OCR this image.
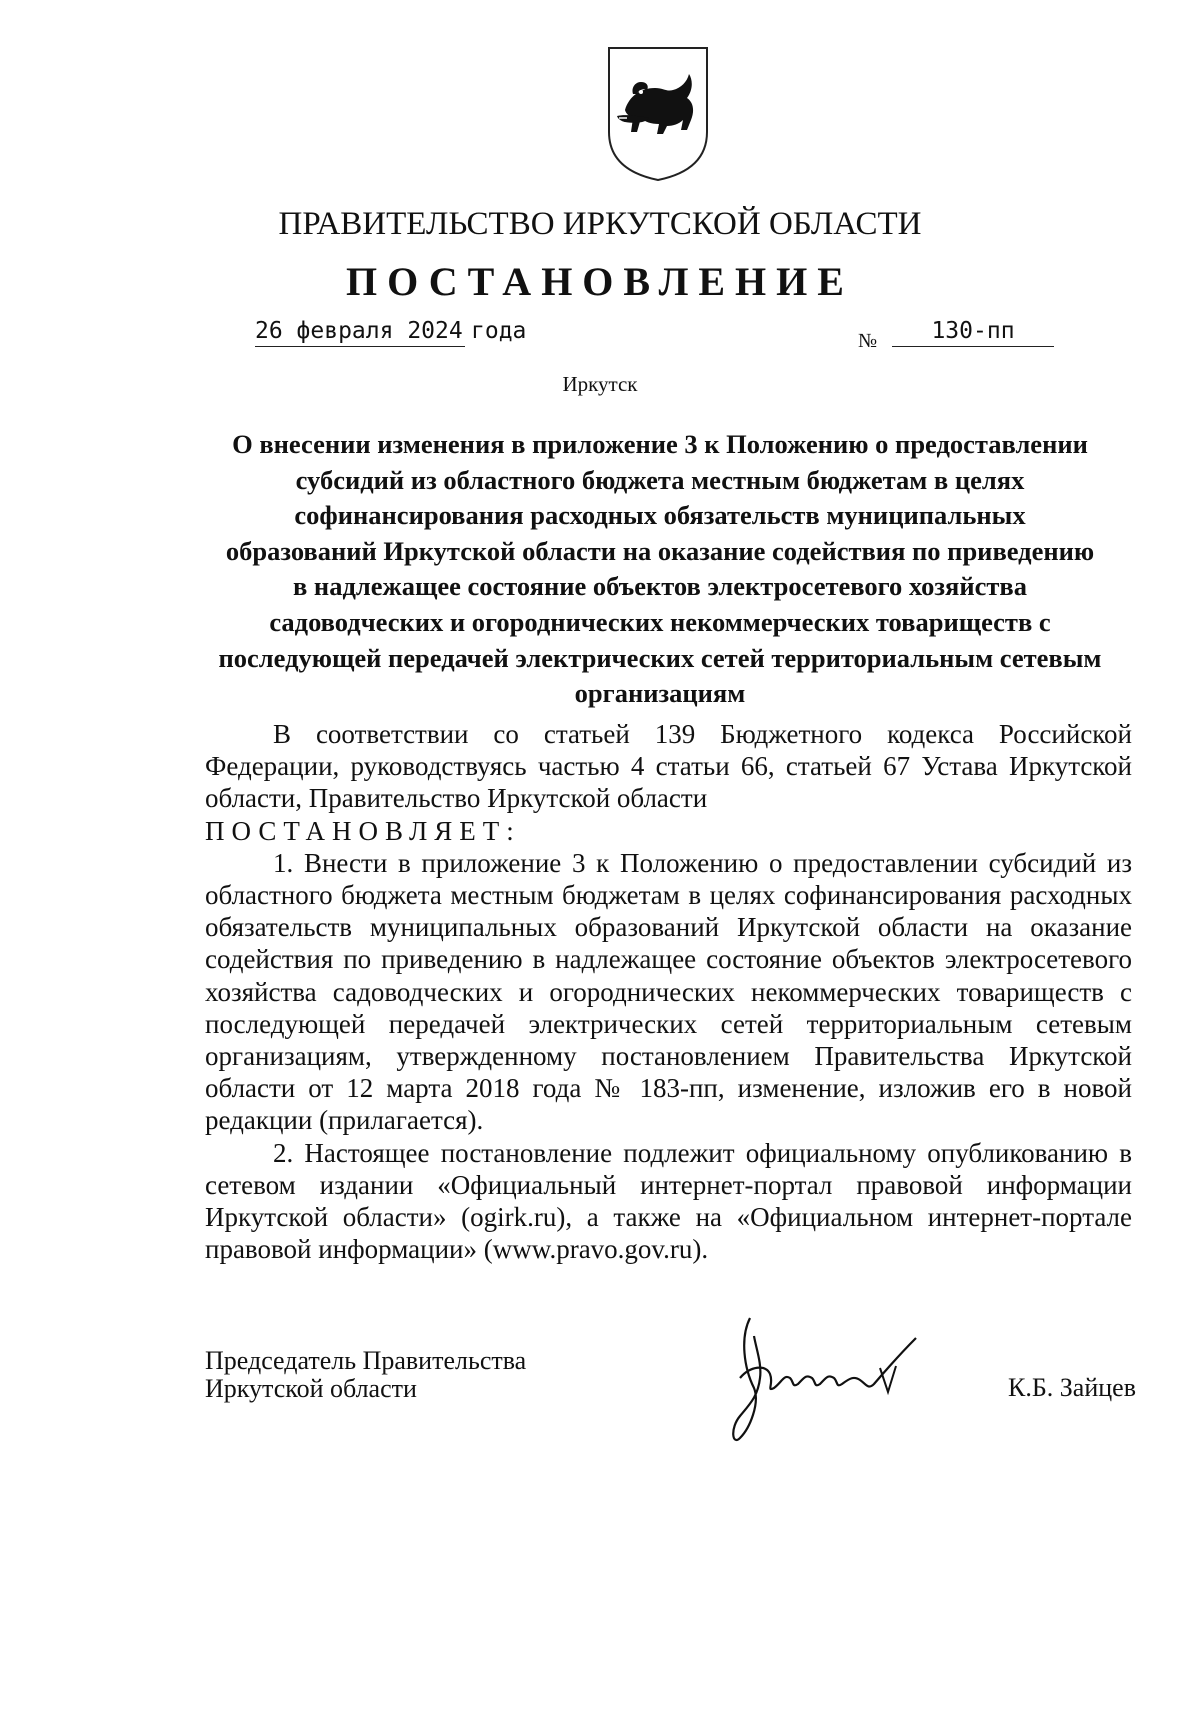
ПРАВИТЕЛЬСТВО ИРКУТСКОЙ ОБЛАСТИ
ПОСТАНОВЛЕНИЕ
26 февраля 2024 года	№	130-пп
Иркутск
О внесении изменения в приложение 3 к Положению о предоставлении
субсидий из областного бюджета местным бюджетам в целях
софинансирования расходных обязательств муниципальных
образований Иркутской области на оказание содействия по приведению
в надлежащее состояние объектов электросетевого хозяйства
садоводческих и огороднических некоммерческих товариществ с
последующей передачей электрических сетей территориальным сетевым
организациям

В соответствии со статьей 139 Бюджетного кодекса Российской Федерации, руководствуясь частью 4 статьи 66, статьей 67 Устава Иркутской области, Правительство Иркутской области

ПОСТАНОВЛЯЕТ:

1. Внести в приложение 3 к Положению о предоставлении субсидий из областного бюджета местным бюджетам в целях софинансирования расходных обязательств муниципальных образований Иркутской области на оказание содействия по приведению в надлежащее состояние объектов электросетевого хозяйства садоводческих и огороднических некоммерческих товариществ с последующей передачей электрических сетей территориальным сетевым организациям, утвержденному постановлением Правительства Иркутской области от 12 марта 2018 года № 183-пп, изменение, изложив его в новой редакции (прилагается).

2. Настоящее постановление подлежит официальному опубликованию в сетевом издании «Официальный интернет-портал правовой информации Иркутской области» (ogirk.ru), а также на «Официальном интернет-портале правовой информации» (www.pravo.gov.ru).

Председатель Правительства
Иркутской области	К.Б. Зайцев
